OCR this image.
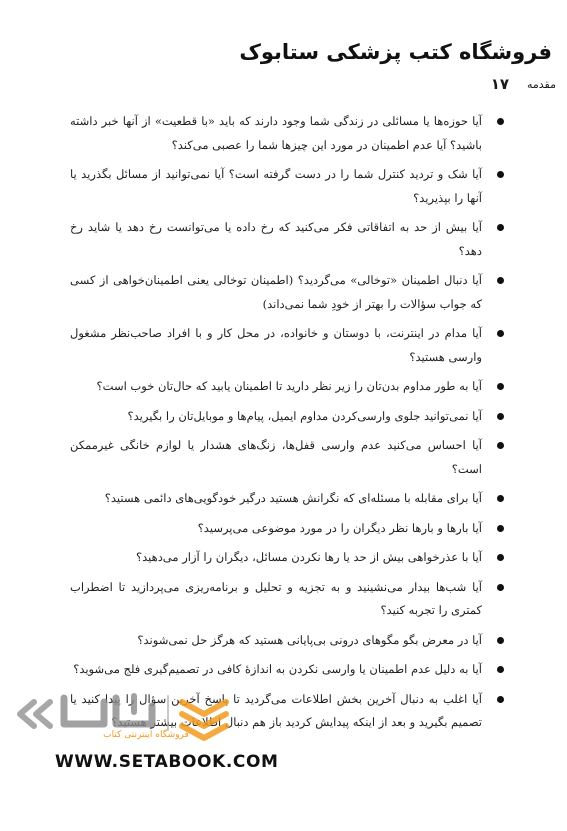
فروشگاه کتب پزشکی ستابوک
۱۷ مقدمه
آیا حوزه‌ها یا مسائلی در زندگی شما وجود دارند که باید «با قطعیت» از آنها خبر داشته باشید؟ آیا عدم اطمینان در مورد این چیزها شما را عصبی می‌کند؟
آیا شک و تردید کنترل شما را در دست گرفته است؟ آیا نمی‌توانید از مسائل بگذرید یا آنها را بپذیرید؟
آیا بیش از حد به اتفاقاتی فکر می‌کنید که رخ داده یا می‌توانست رخ دهد یا شاید رخ دهد؟
آیا دنبال اطمینان «توخالی» می‌گردید؟ (اطمینان توخالی یعنی اطمینان‌خواهی از کسی که جواب سؤالات را بهتر از خودِ شما نمی‌داند)
آیا مدام در اینترنت، با دوستان و خانواده، در محل کار و با افراد صاحب‌نظر مشغول وارسی هستید؟
آیا به طور مداوم بدن‌تان را زیر نظر دارید تا اطمینان یابید که حال‌تان خوب است؟
آیا نمی‌توانید جلوی وارسی‌کردن مداوم ایمیل، پیام‌ها و موبایل‌تان را بگیرید؟
آیا احساس می‌کنید عدم وارسی قفل‌ها، زنگ‌های هشدار یا لوازم خانگی غیرممکن است؟
آیا برای مقابله با مسئله‌ای که نگرانش هستید درگیر خودگویی‌های دائمی هستید؟
آیا بارها و بارها نظر دیگران را در مورد موضوعی می‌پرسید؟
آیا با عذرخواهی بیش از حد یا رها نکردن مسائل، دیگران را آزار می‌دهید؟
آیا شب‌ها بیدار می‌نشینید و به تجزیه و تحلیل و برنامه‌ریزی می‌پردازید تا اضطراب کمتری را تجربه کنید؟
آیا در معرض بگو مگوهای درونی بی‌پایانی هستید که هرگز حل نمی‌شوند؟
آیا به دلیل عدم اطمینان یا وارسی نکردن به اندازهٔ کافی در تصمیم‌گیری فلج می‌شوید؟
آیا اغلب به دنبال آخرین بخش اطلاعات می‌گردید تا پاسخ آخرین سؤال را پیدا کنید یا تصمیم بگیرید و بعد از اینکه پیدایش کردید باز هم دنبال اطلاعات بیشتر هستید؟
فروشگاه اینترنتی کتاب
WWW.SETABOOK.COM
